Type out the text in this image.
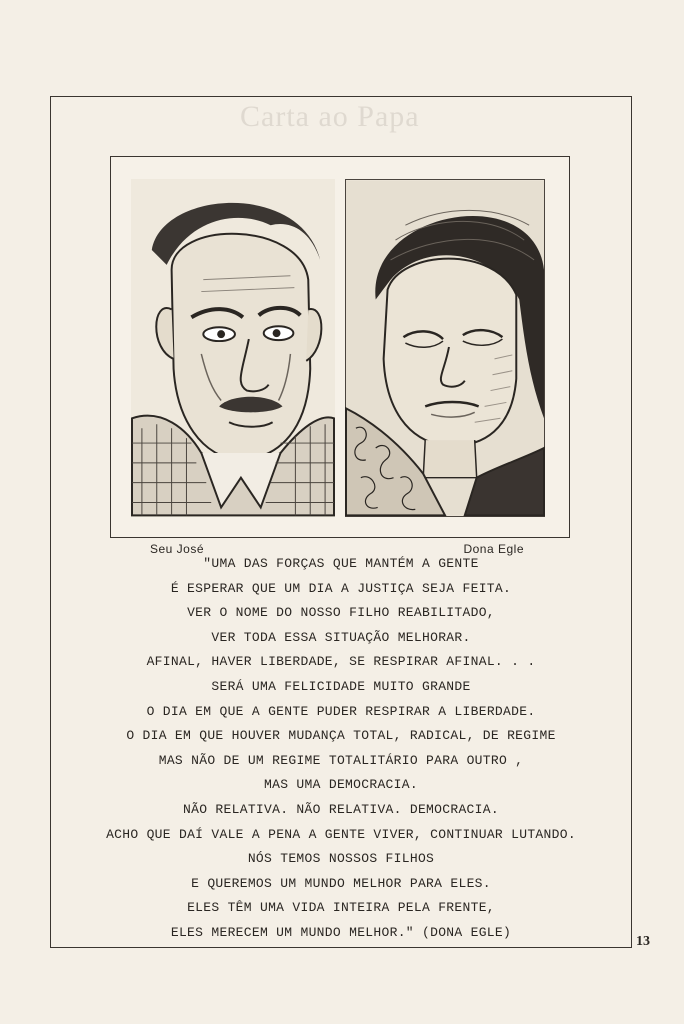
Carta ao Papa
Seu José	Dona Egle
"UMA DAS FORÇAS QUE MANTÉM A GENTE
É ESPERAR QUE UM DIA A JUSTIÇA SEJA FEITA.
VER O NOME DO NOSSO FILHO REABILITADO,
VER TODA ESSA SITUAÇÃO MELHORAR.
AFINAL, HAVER LIBERDADE, SE RESPIRAR AFINAL. . .
SERÁ UMA FELICIDADE MUITO GRANDE
O DIA EM QUE A GENTE PUDER RESPIRAR A LIBERDADE.
O DIA EM QUE HOUVER MUDANÇA TOTAL, RADICAL, DE REGIME
MAS NÃO DE UM REGIME TOTALITÁRIO PARA OUTRO ,
MAS UMA DEMOCRACIA.
NÃO RELATIVA. NÃO RELATIVA. DEMOCRACIA.
ACHO QUE DAÍ VALE A PENA A GENTE VIVER, CONTINUAR LUTANDO.
NÓS TEMOS NOSSOS FILHOS
E QUEREMOS UM MUNDO MELHOR PARA ELES.
ELES TÊM UMA VIDA INTEIRA PELA FRENTE,
ELES MERECEM UM MUNDO MELHOR." (DONA EGLE)
13
